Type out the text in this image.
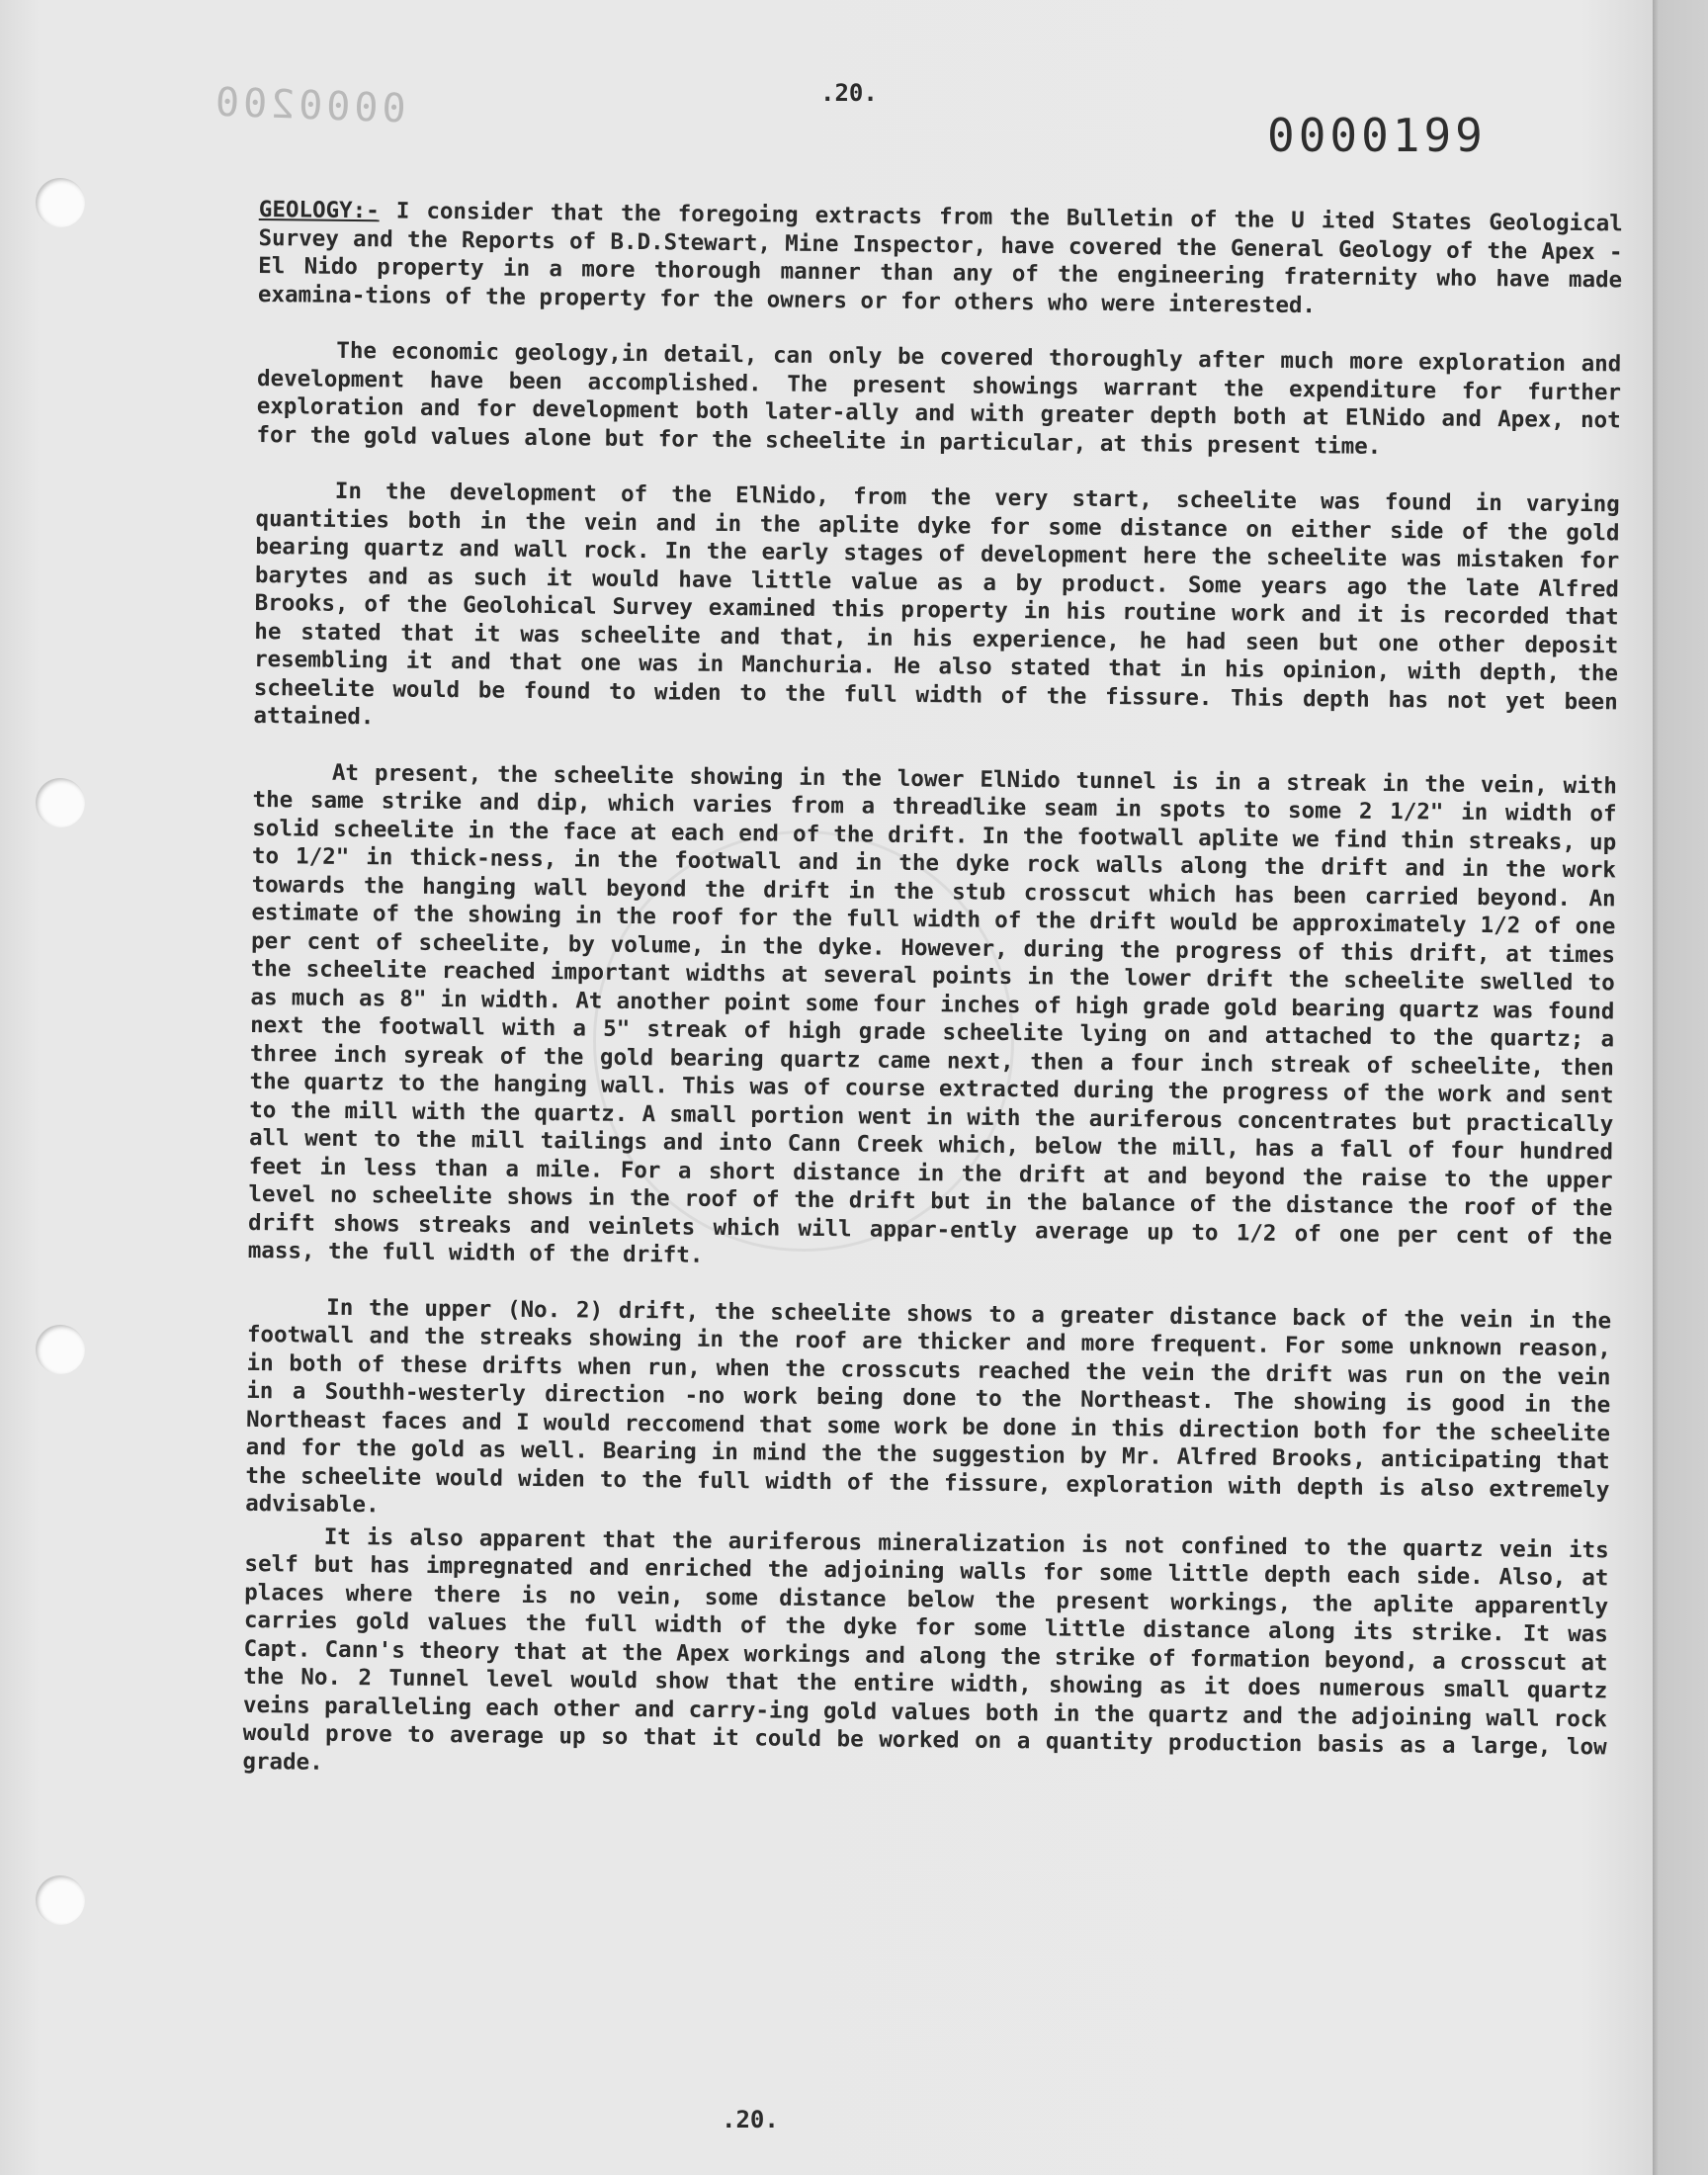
0000200	.20.
0000199

GEOLOGY:- I consider that the foregoing extracts from the Bulletin of the U ited States Geological Survey and the Reports of B.D.Stewart, Mine Inspector, have covered the General Geology of the Apex - El Nido property in a more thorough manner than any of the engineering fraternity who have made examina-tions of the property for the owners or for others who were interested.

The economic geology,in detail, can only be covered thoroughly after much more exploration and development have been accomplished. The present showings warrant the expenditure for further exploration and for development both later-ally and with greater depth both at ElNido and Apex, not for the gold values alone but for the scheelite in particular, at this present time.

In the development of the ElNido, from the very start, scheelite was found in varying quantities both in the vein and in the aplite dyke for some distance on either side of the gold bearing quartz and wall rock. In the early stages of development here the scheelite was mistaken for barytes and as such it would have little value as a by product. Some years ago the late Alfred Brooks, of the Geolohical Survey examined this property in his routine work and it is recorded that he stated that it was scheelite and that, in his experience, he had seen but one other deposit resembling it and that one was in Manchuria. He also stated that in his opinion, with depth, the scheelite would be found to widen to the full width of the fissure. This depth has not yet been attained.

At present, the scheelite showing in the lower ElNido tunnel is in a streak in the vein, with the same strike and dip, which varies from a threadlike seam in spots to some 2 1/2" in width of solid scheelite in the face at each end of the drift. In the footwall aplite we find thin streaks, up to 1/2" in thick-ness, in the footwall and in the dyke rock walls along the drift and in the work towards the hanging wall beyond the drift in the stub crosscut which has been carried beyond. An estimate of the showing in the roof for the full width of the drift would be approximately 1/2 of one per cent of scheelite, by volume, in the dyke. However, during the progress of this drift, at times the scheelite reached important widths at several points in the lower drift the scheelite swelled to as much as 8" in width. At another point some four inches of high grade gold bearing quartz was found next the footwall with a 5" streak of high grade scheelite lying on and attached to the quartz; a three inch syreak of the gold bearing quartz came next, then a four inch streak of scheelite, then the quartz to the hanging wall. This was of course extracted during the progress of the work and sent to the mill with the quartz. A small portion went in with the auriferous concentrates but practically all went to the mill tailings and into Cann Creek which, below the mill, has a fall of four hundred feet in less than a mile. For a short distance in the drift at and beyond the raise to the upper level no scheelite shows in the roof of the drift but in the balance of the distance the roof of the drift shows streaks and veinlets which will appar-ently average up to 1/2 of one per cent of the mass, the full width of the drift.

In the upper (No. 2) drift, the scheelite shows to a greater distance back of the vein in the footwall and the streaks showing in the roof are thicker and more frequent. For some unknown reason, in both of these drifts when run, when the crosscuts reached the vein the drift was run on the vein in a Southh-westerly direction -no work being done to the Northeast. The showing is good in the Northeast faces and I would reccomend that some work be done in this direction both for the scheelite and for the gold as well. Bearing in mind the the suggestion by Mr. Alfred Brooks, anticipating that the scheelite would widen to the full width of the fissure, exploration with depth is also extremely advisable.

It is also apparent that the auriferous mineralization is not confined to the quartz vein its self but has impregnated and enriched the adjoining walls for some little depth each side. Also, at places where there is no vein, some distance below the present workings, the aplite apparently carries gold values the full width of the dyke for some little distance along its strike. It was Capt. Cann's theory that at the Apex workings and along the strike of formation beyond, a crosscut at the No. 2 Tunnel level would show that the entire width, showing as it does numerous small quartz veins paralleling each other and carry-ing gold values both in the quartz and the adjoining wall rock would prove to average up so that it could be worked on a quantity production basis as a large, low grade.

.20.
